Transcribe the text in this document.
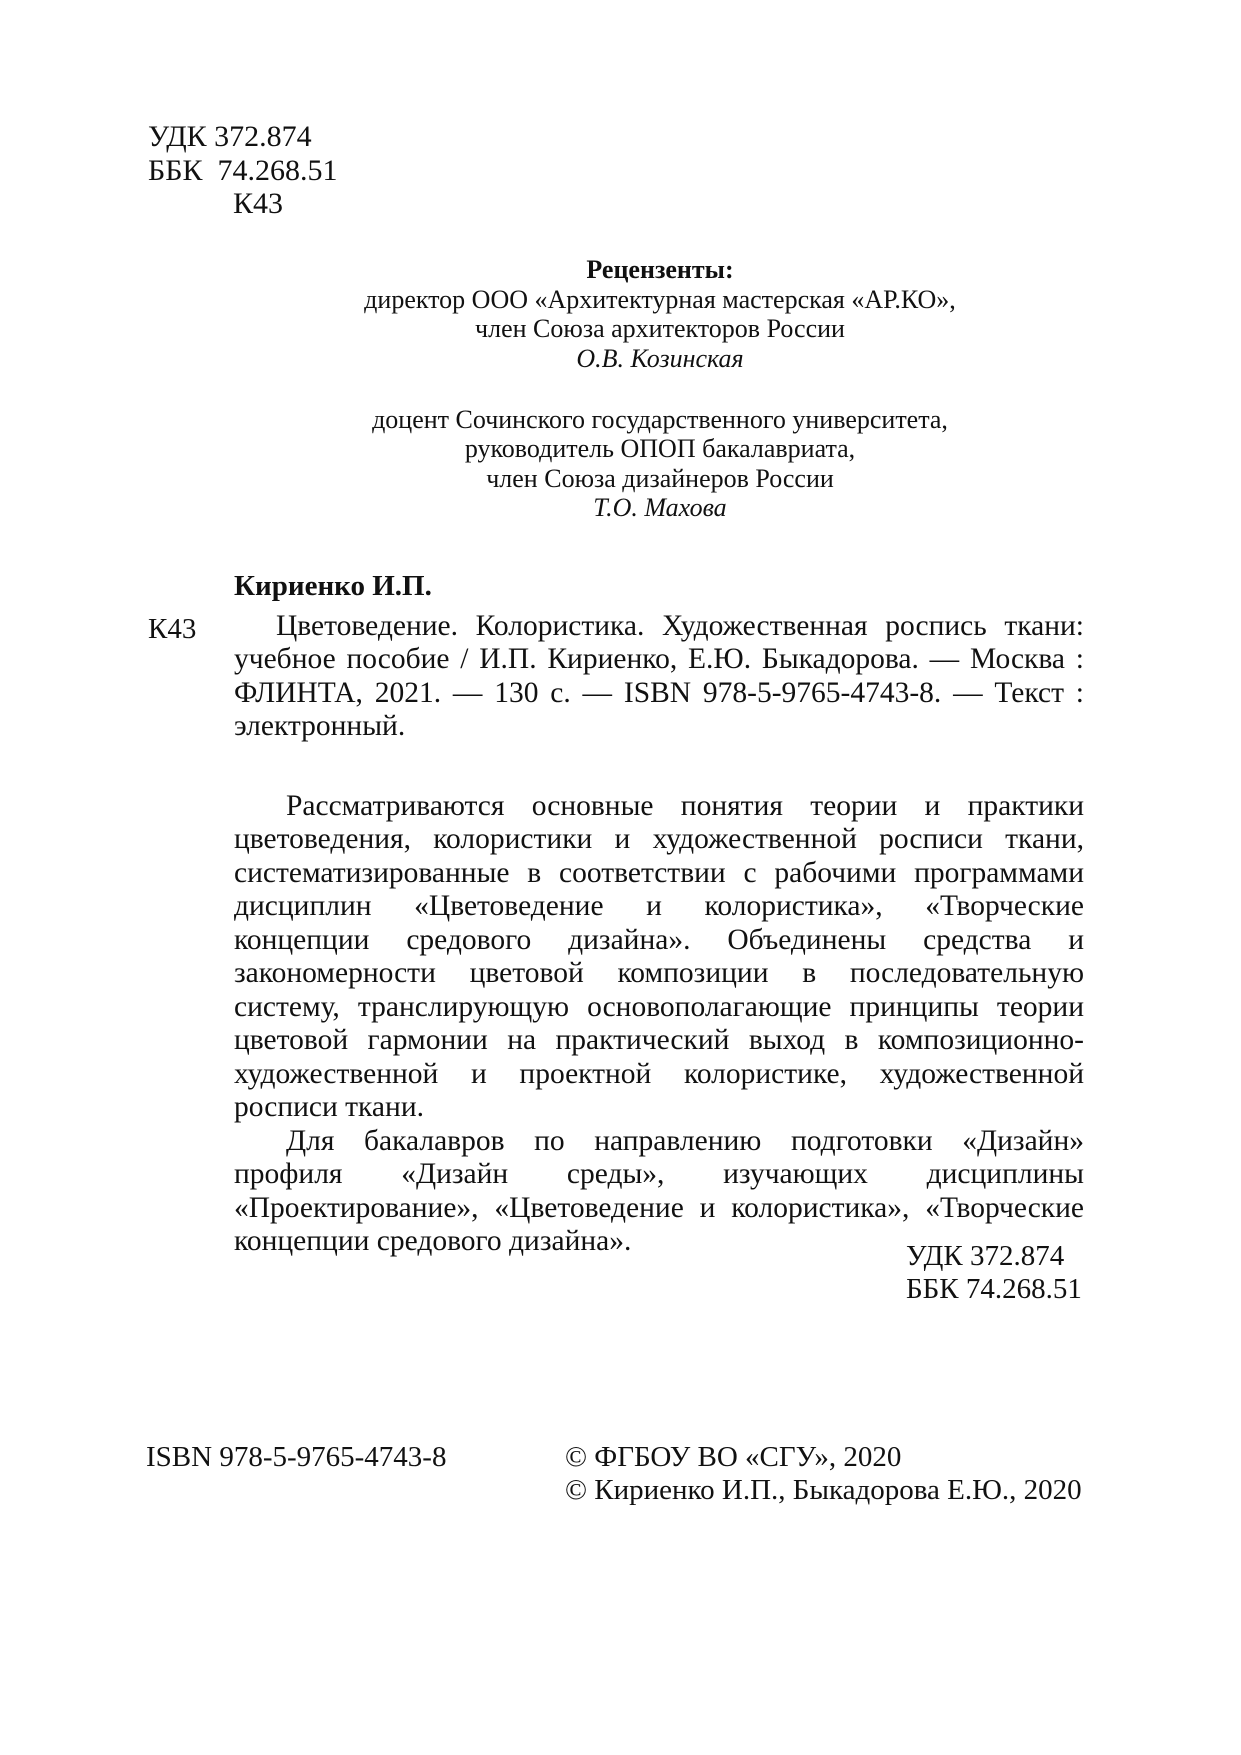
УДК 372.874
ББК  74.268.51
К43
Рецензенты:
директор ООО «Архитектурная мастерская «АР.КО»,
член Союза архитекторов России
О.В. Козинская
доцент Сочинского государственного университета,
руководитель ОПОП бакалавриата,
член Союза дизайнеров России
Т.О. Махова
Кириенко И.П.
К43	Цветоведение. Колористика. Художественная роспись ткани: учебное пособие / И.П. Кириенко, Е.Ю. Быкадорова. — Москва : ФЛИНТА, 2021. — 130 с. — ISBN 978-5-9765-4743-8. — Текст : электронный.

Рассматриваются основные понятия теории и практики цветоведения, колористики и художественной росписи ткани, систематизированные в соответствии с рабочими программами дисциплин «Цветоведение и колористика», «Творческие концепции средового дизайна». Объединены средства и закономерности цветовой композиции в последовательную систему, транслирующую основополагающие принципы теории цветовой гармонии на практический выход в композиционно-художественной и проектной колористике, художественной росписи ткани.

Для бакалавров по направлению подготовки «Дизайн» профиля «Дизайн среды», изучающих дисциплины «Проектирование», «Цветоведение и колористика», «Творческие концепции средового дизайна».	УДК 372.874
ББК 74.268.51
ISBN 978-5-9765-4743-8	© ФГБОУ ВО «СГУ», 2020
© Кириенко И.П., Быкадорова Е.Ю., 2020
